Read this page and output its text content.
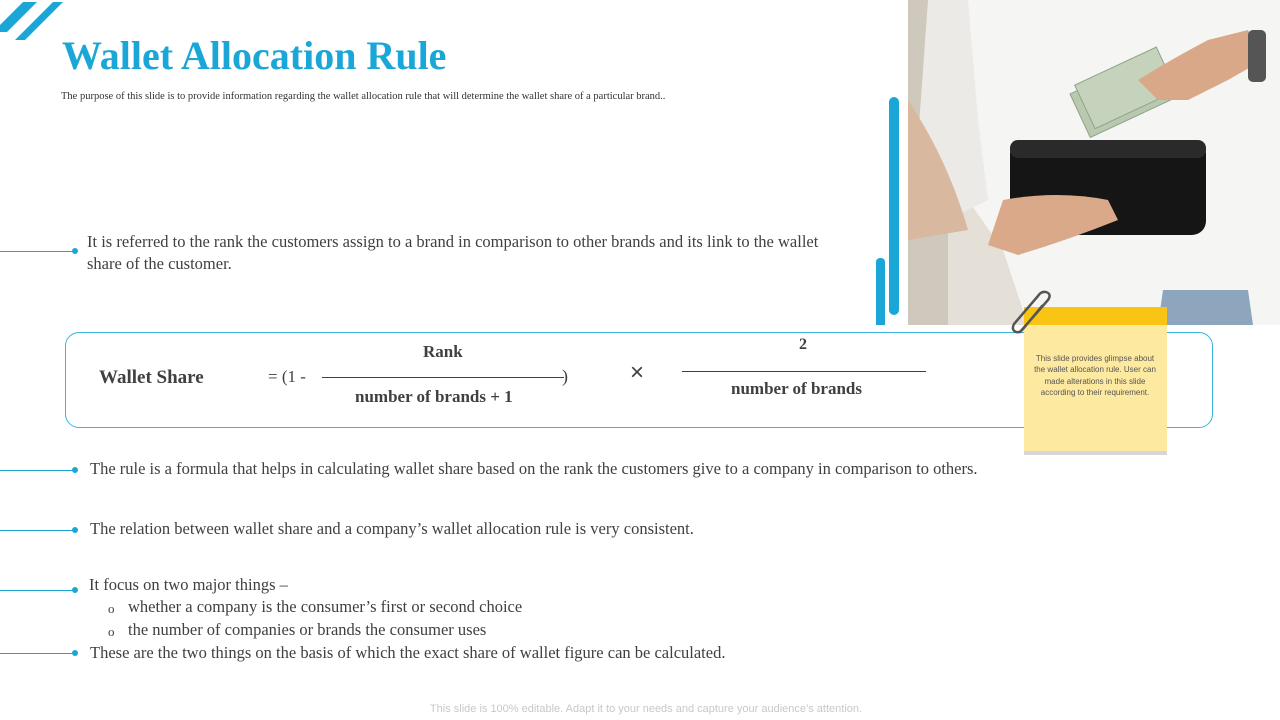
Wallet Allocation Rule
The purpose of this slide is to provide information regarding the wallet allocation rule that will determine the wallet share of a particular brand..
It is referred to the rank the customers assign to a brand in comparison to other brands and its link to the wallet share of the customer.
Wallet Share	= (1 -
Rank
)
number of brands + 1
×
2
number of brands
This slide provides glimpse about the wallet allocation rule. User can made alterations in this slide according to their requirement.
The rule is a formula that helps in calculating wallet share based on the rank the customers give to a company in comparison to others.
The relation between wallet share and a company’s wallet allocation rule is very consistent.
It focus on two major things –
o whether a company is the consumer’s first or second choice
o the number of companies or brands the consumer uses
These are the two things on the basis of which the exact share of wallet figure can be calculated.
This slide is 100% editable. Adapt it to your needs and capture your audience’s attention.
